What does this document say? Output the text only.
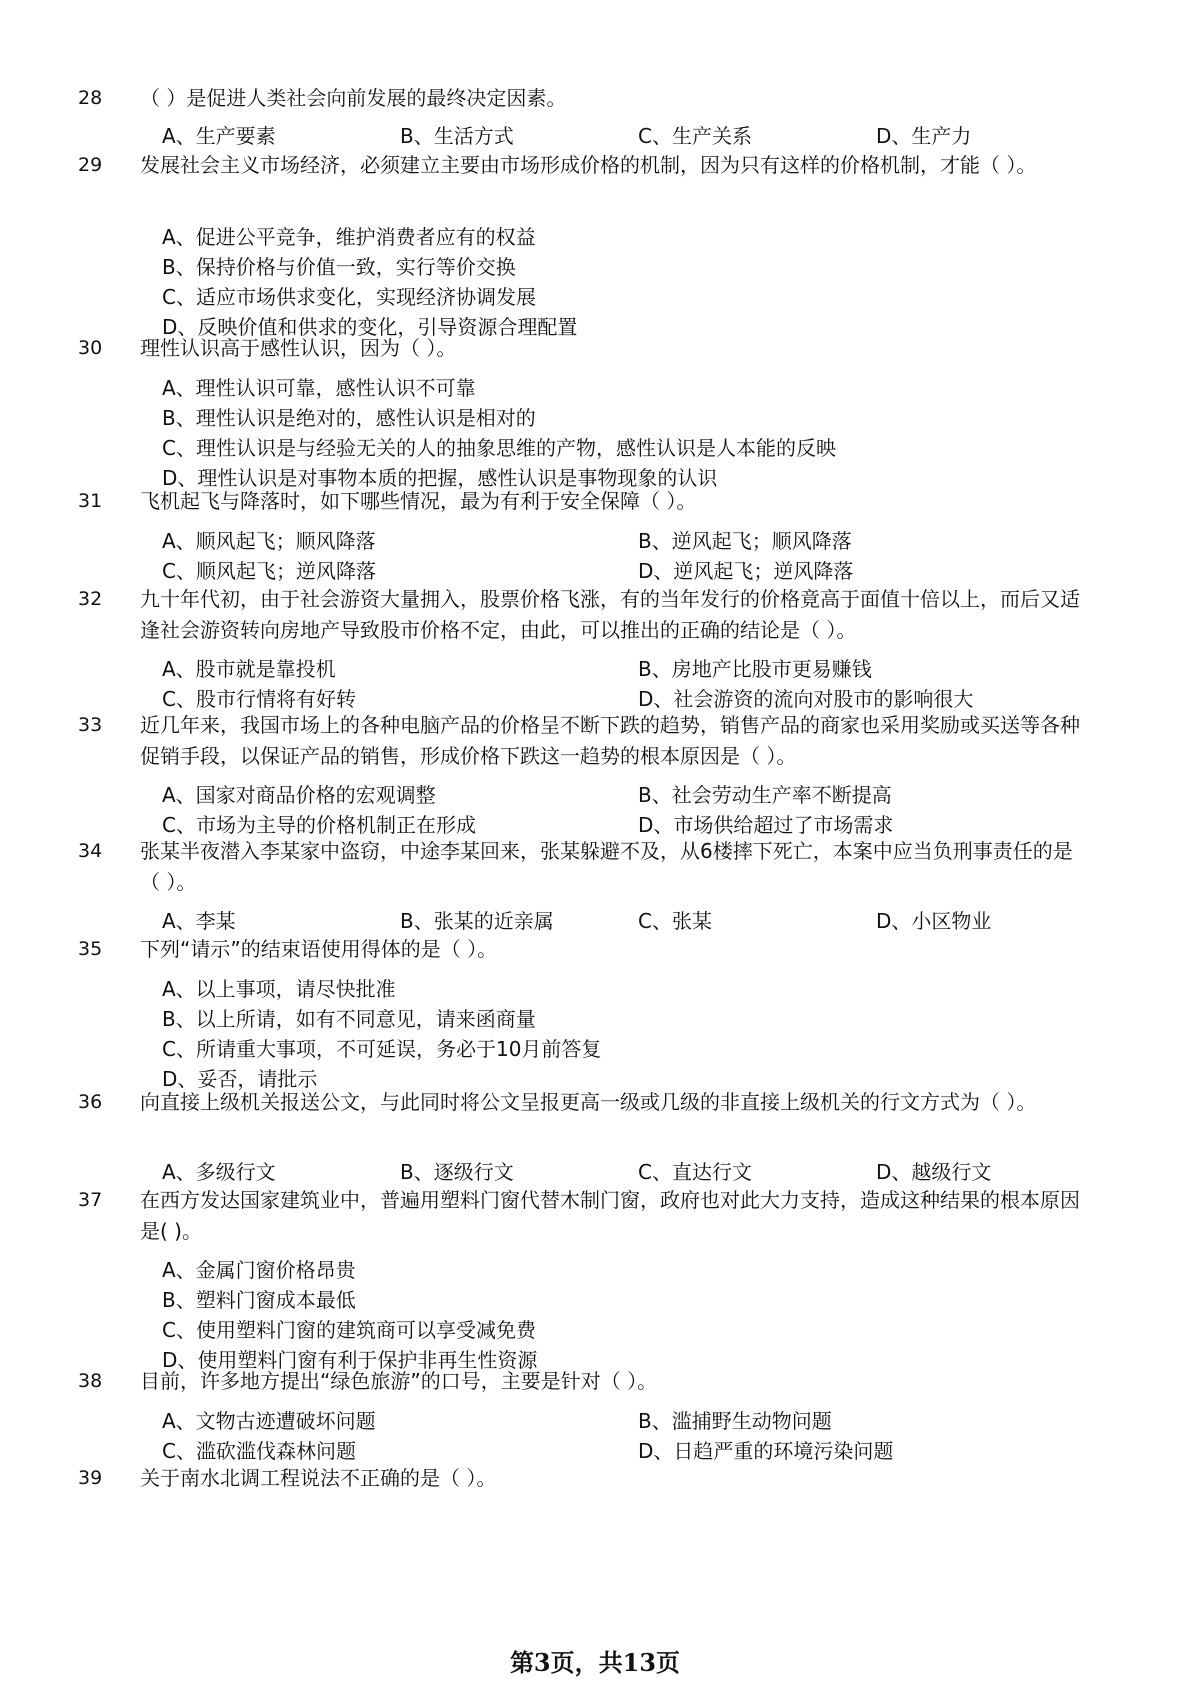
28 （ ）是促进人类社会向前发展的最终决定因素。
A、生产要素	B、生活方式	C、生产关系	D、生产力
29 发展社会主义市场经济，必须建立主要由市场形成价格的机制，因为只有这样的价格机制，才能（ ）。
A、促进公平竞争，维护消费者应有的权益
B、保持价格与价值一致，实行等价交换
C、适应市场供求变化，实现经济协调发展
D、反映价值和供求的变化，引导资源合理配置
30 理性认识高于感性认识，因为（ ）。
A、理性认识可靠，感性认识不可靠
B、理性认识是绝对的，感性认识是相对的
C、理性认识是与经验无关的人的抽象思维的产物，感性认识是人本能的反映
D、理性认识是对事物本质的把握，感性认识是事物现象的认识
31 飞机起飞与降落时，如下哪些情况，最为有利于安全保障（ ）。
A、顺风起飞；顺风降落	B、逆风起飞；顺风降落
C、顺风起飞；逆风降落	D、逆风起飞；逆风降落
32 九十年代初，由于社会游资大量拥入，股票价格飞涨，有的当年发行的价格竟高于面值十倍以上，而后又适逢社会游资转向房地产导致股市价格不定，由此，可以推出的正确的结论是（ ）。
A、股市就是靠投机	B、房地产比股市更易赚钱
C、股市行情将有好转	D、社会游资的流向对股市的影响很大
33 近几年来，我国市场上的各种电脑产品的价格呈不断下跌的趋势，销售产品的商家也采用奖励或买送等各种促销手段，以保证产品的销售，形成价格下跌这一趋势的根本原因是（ ）。
A、国家对商品价格的宏观调整	B、社会劳动生产率不断提高
C、市场为主导的价格机制正在形成	D、市场供给超过了市场需求
34 张某半夜潜入李某家中盗窃，中途李某回来，张某躲避不及，从6楼摔下死亡，本案中应当负刑事责任的是（ ）。
A、李某	B、张某的近亲属	C、张某	D、小区物业
35 下列“请示”的结束语使用得体的是（ ）。
A、以上事项，请尽快批准
B、以上所请，如有不同意见，请来函商量
C、所请重大事项，不可延误，务必于10月前答复
D、妥否，请批示
36 向直接上级机关报送公文，与此同时将公文呈报更高一级或几级的非直接上级机关的行文方式为（ ）。
A、多级行文	B、逐级行文	C、直达行文	D、越级行文
37 在西方发达国家建筑业中，普遍用塑料门窗代替木制门窗，政府也对此大力支持，造成这种结果的根本原因是( )。
A、金属门窗价格昂贵
B、塑料门窗成本最低
C、使用塑料门窗的建筑商可以享受减免费
D、使用塑料门窗有利于保护非再生性资源
38 目前，许多地方提出“绿色旅游”的口号，主要是针对（ ）。
A、文物古迹遭破坏问题	B、滥捕野生动物问题
C、滥砍滥伐森林问题	D、日趋严重的环境污染问题
39 关于南水北调工程说法不正确的是（ ）。
第3页，共13页
